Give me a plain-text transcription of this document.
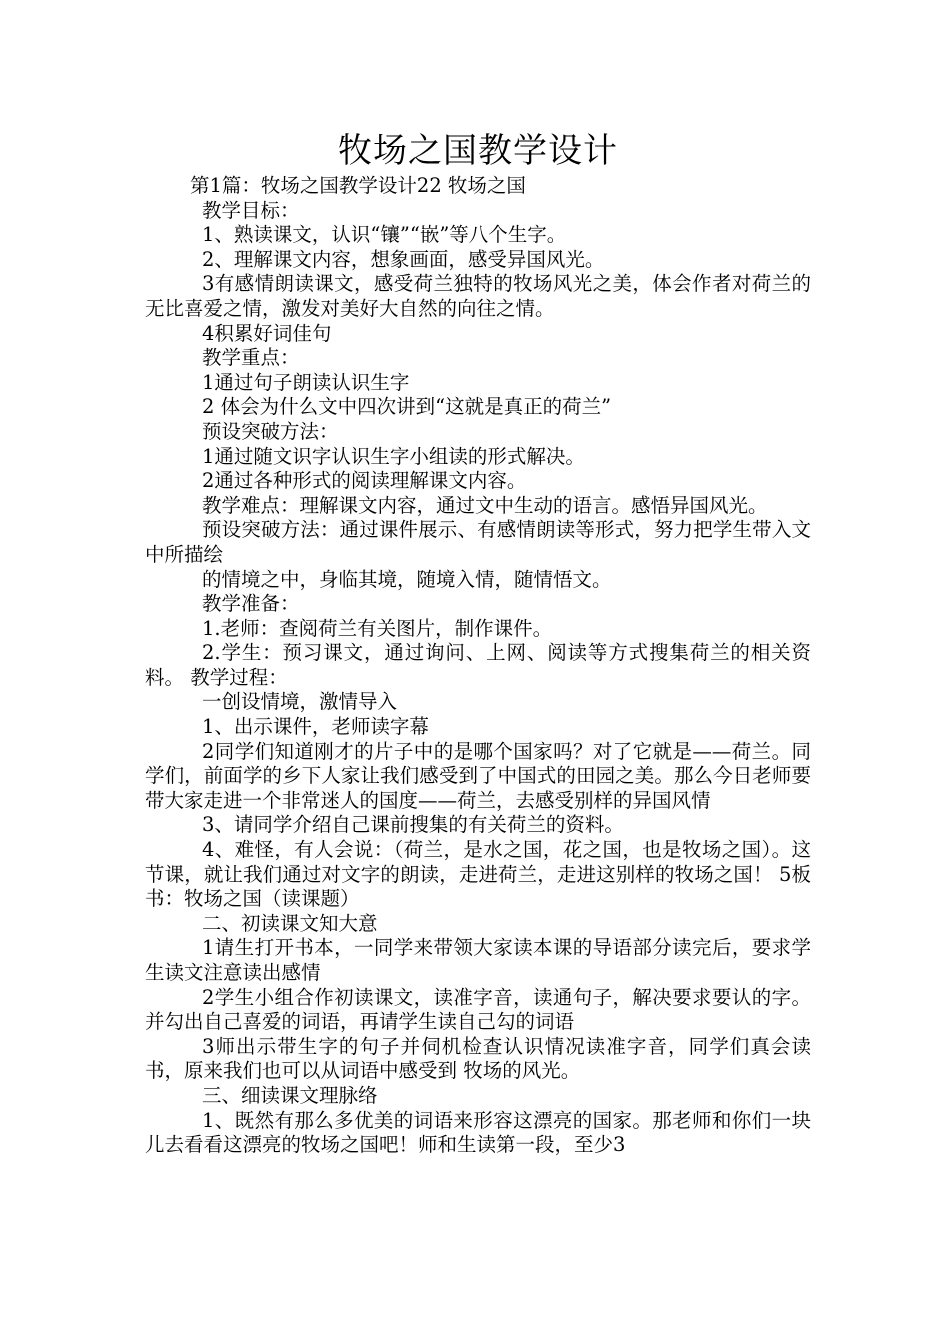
牧场之国教学设计
第1篇：牧场之国教学设计22 牧场之国

教学目标：

1、熟读课文，认识“镶”“嵌”等八个生字。

2、理解课文内容，想象画面，感受异国风光。

3有感情朗读课文，感受荷兰独特的牧场风光之美，体会作者对荷兰的无比喜爱之情，激发对美好大自然的向往之情。

4积累好词佳句

教学重点：

1通过句子朗读认识生字

2 体会为什么文中四次讲到“这就是真正的荷兰”

预设突破方法：

1通过随文识字认识生字小组读的形式解决。

2通过各种形式的阅读理解课文内容。

教学难点：理解课文内容，通过文中生动的语言。感悟异国风光。

预设突破方法：通过课件展示、有感情朗读等形式，努力把学生带入文中所描绘

的情境之中，身临其境，随境入情，随情悟文。

教学准备：

1.老师：查阅荷兰有关图片，制作课件。

2.学生：预习课文，通过询问、上网、阅读等方式搜集荷兰的相关资料。 教学过程：

一创设情境，激情导入

1、出示课件，老师读字幕

2同学们知道刚才的片子中的是哪个国家吗？对了它就是——荷兰。同学们，前面学的乡下人家让我们感受到了中国式的田园之美。那么今日老师要带大家走进一个非常迷人的国度——荷兰，去感受别样的异国风情

3、请同学介绍自己课前搜集的有关荷兰的资料。

4、难怪，有人会说：（荷兰，是水之国，花之国，也是牧场之国）。这节课，就让我们通过对文字的朗读，走进荷兰，走进这别样的牧场之国！ 5板书：牧场之国（读课题）

二、初读课文知大意

1请生打开书本，一同学来带领大家读本课的导语部分读完后，要求学生读文注意读出感情

2学生小组合作初读课文，读准字音，读通句子，解决要求要认的字。并勾出自己喜爱的词语，再请学生读自己勾的词语

3师出示带生字的句子并伺机检查认识情况读准字音，同学们真会读书，原来我们也可以从词语中感受到 牧场的风光。

三、细读课文理脉络

1、既然有那么多优美的词语来形容这漂亮的国家。那老师和你们一块儿去看看这漂亮的牧场之国吧！师和生读第一段，至少3
